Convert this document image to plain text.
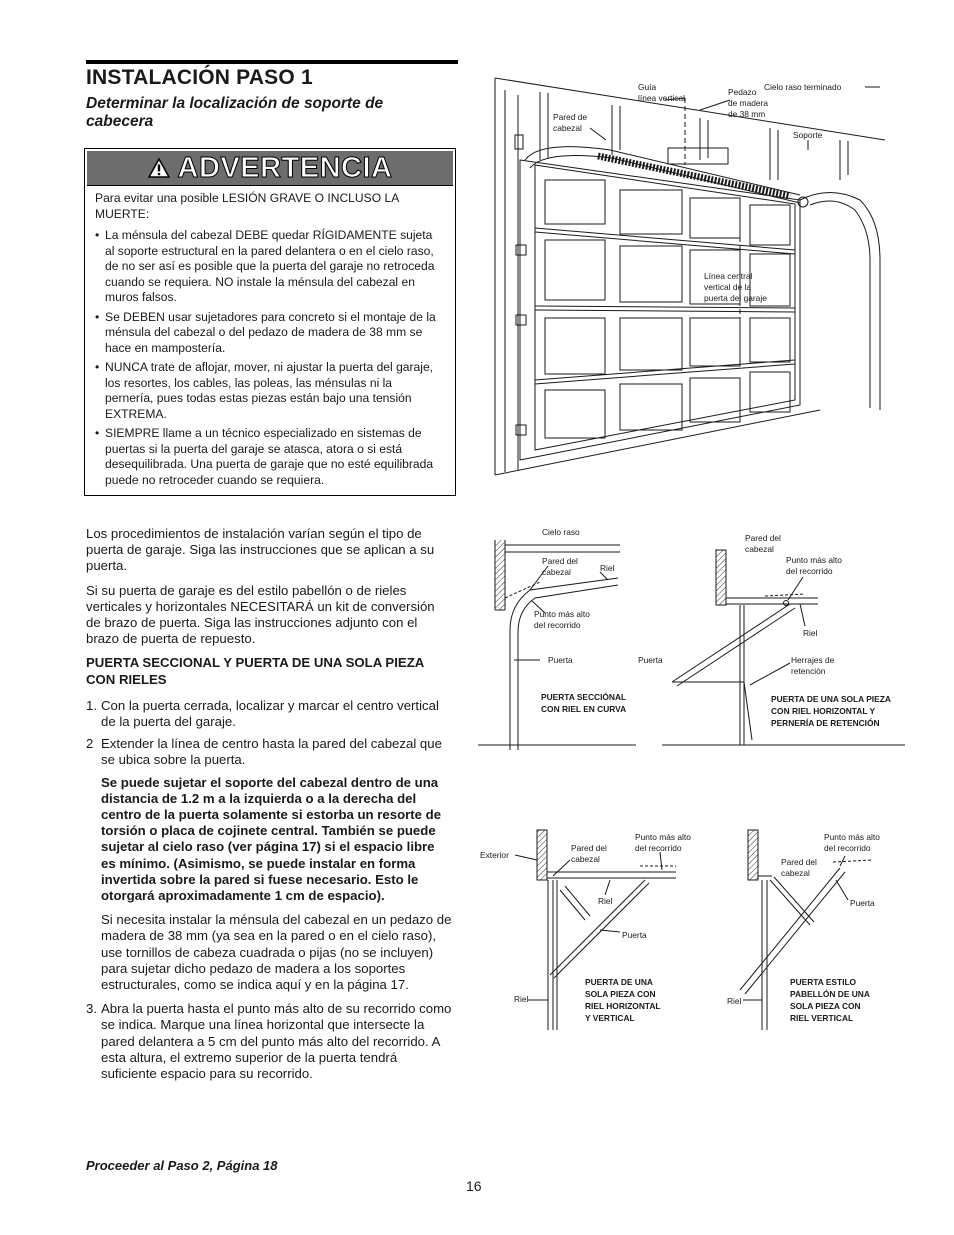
INSTALACIÓN PASO 1
Determinar la localización de soporte de cabecera
ADVERTENCIA

Para evitar una posible LESIÓN GRAVE O INCLUSO LA MUERTE:

• La ménsula del cabezal DEBE quedar RÍGIDAMENTE sujeta al soporte estructural en la pared delantera o en el cielo raso, de no ser así es posible que la puerta del garaje no retroceda cuando se requiera. NO instale la ménsula del cabezal en muros falsos.
• Se DEBEN usar sujetadores para concreto si el montaje de la ménsula del cabezal o del pedazo de madera de 38 mm se hace en mampostería.
• NUNCA trate de aflojar, mover, ni ajustar la puerta del garaje, los resortes, los cables, las poleas, las ménsulas ni la pernería, pues todas estas piezas están bajo una tensión EXTREMA.
• SIEMPRE llame a un técnico especializado en sistemas de puertas si la puerta del garaje se atasca, atora o si está desequilibrada. Una puerta de garaje que no esté equilibrada puede no retroceder cuando se requiera.

Los procedimientos de instalación varían según el tipo de puerta de garaje. Siga las instrucciones que se aplican a su puerta.

Si su puerta de garaje es del estilo pabellón o de rieles verticales y horizontales NECESITARÁ un kit de conversión de brazo de puerta. Siga las instrucciones adjunto con el brazo de puerta de repuesto.

PUERTA SECCIONAL Y PUERTA DE UNA SOLA PIEZA CON RIELES

1. Con la puerta cerrada, localizar y marcar el centro vertical de la puerta del garaje.
2 Extender la línea de centro hasta la pared del cabezal que se ubica sobre la puerta.

Se puede sujetar el soporte del cabezal dentro de una distancia de 1.2 m a la izquierda o a la derecha del centro de la puerta solamente si estorba un resorte de torsión o placa de cojinete central. También se puede sujetar al cielo raso (ver página 17) si el espacio libre es mínimo. (Asimismo, se puede instalar en forma invertida sobre la pared si fuese necesario. Esto le otorgará aproximadamente 1 cm de espacio).

Si necesita instalar la ménsula del cabezal en un pedazo de madera de 38 mm (ya sea en la pared o en el cielo raso), use tornillos de cabeza cuadrada o pijas (no se incluyen) para sujetar dicho pedazo de madera a los soportes estructurales, como se indica aquí y en la página 17.

3. Abra la puerta hasta el punto más alto de su recorrido como se indica. Marque una línea horizontal que intersecte la pared delantera a 5 cm del punto más alto del recorrido. A esta altura, el extremo superior de la puerta tendrá suficiente espacio para su recorrido.
Proceeder al Paso 2, Página 18
16
Guía
línea vertical
Pedazo
de madera
de 38 mm
Cielo raso terminado
Pared de
cabezal
Soporte
Línea central
vertical de la
puerta del garaje
Cielo raso
Pared del
cabezal	Riel
Punto más alto
del recorrido
Puerta
PUERTA SECCIÓNAL
CON RIEL EN CURVA
Pared del
cabezal
Punto más alto
del recorrido
Riel
Puerta	Herrajes de
retención
PUERTA DE UNA SOLA PIEZA
CON RIEL HORIZONTAL Y
PERNERÍA DE RETENCIÓN
Exterior
Pared del
cabezal
Punto más alto
del recorrido
Riel
Puerta
Riel
PUERTA DE UNA
SOLA PIEZA CON
RIEL HORIZONTAL
Y VERTICAL
Punto más alto
del recorrido
Pared del
cabezal
Puerta
Riel
PUERTA ESTILO
PABELLÓN DE UNA
SOLA PIEZA CON
RIEL VERTICAL
